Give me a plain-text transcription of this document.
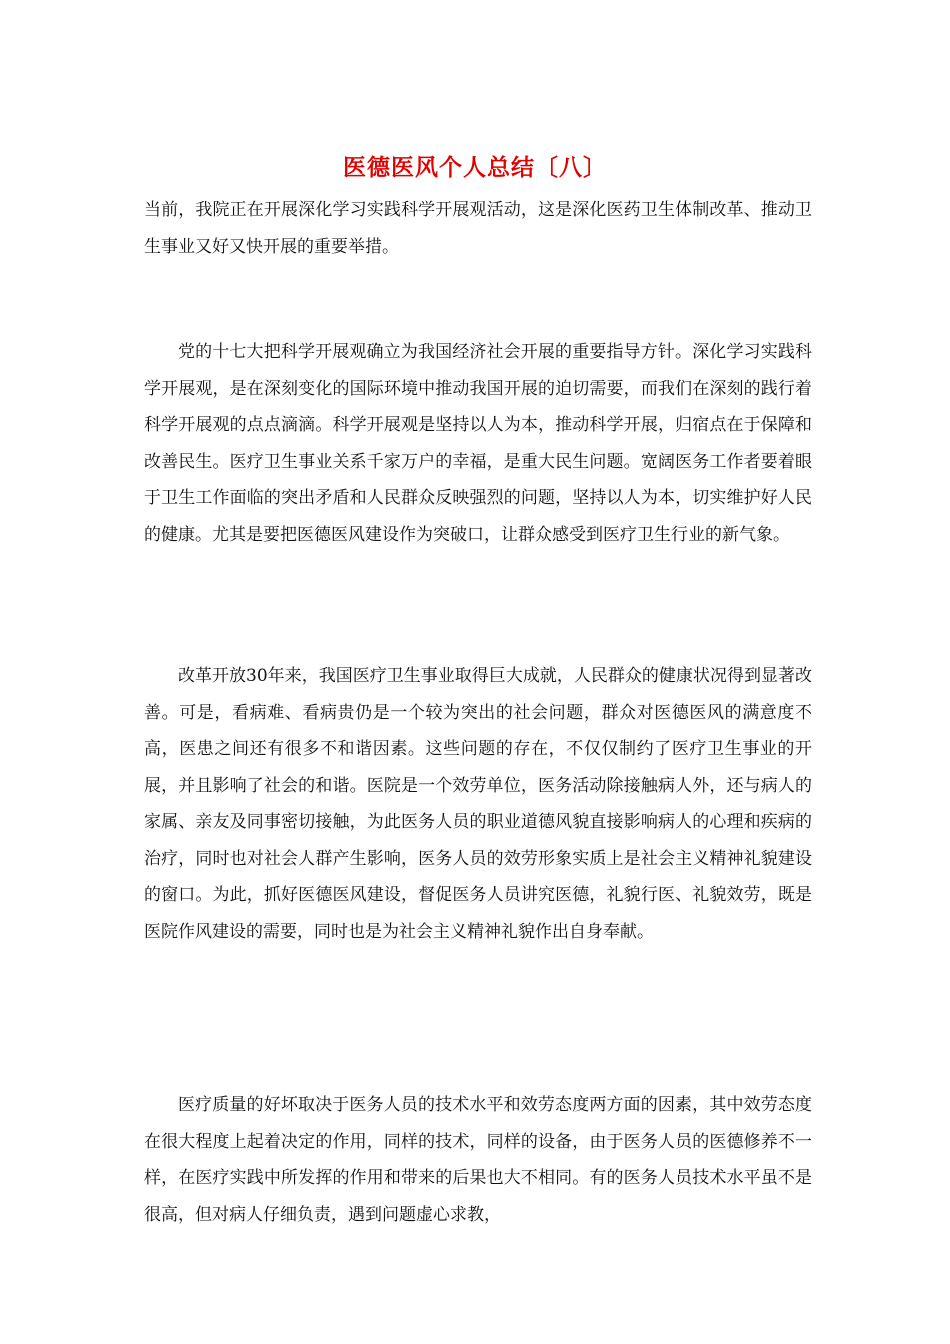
医德医风个人总结〔八〕

当前，我院正在开展深化学习实践科学开展观活动，这是深化医药卫生体制改革、推动卫生事业又好又快开展的重要举措。

党的十七大把科学开展观确立为我国经济社会开展的重要指导方针。深化学习实践科学开展观，是在深刻变化的国际环境中推动我国开展的迫切需要，而我们在深刻的践行着科学开展观的点点滴滴。科学开展观是坚持以人为本，推动科学开展，归宿点在于保障和改善民生。医疗卫生事业关系千家万户的幸福，是重大民生问题。宽阔医务工作者要着眼于卫生工作面临的突出矛盾和人民群众反映强烈的问题，坚持以人为本，切实维护好人民的健康。尤其是要把医德医风建设作为突破口，让群众感受到医疗卫生行业的新气象。

改革开放30年来，我国医疗卫生事业取得巨大成就，人民群众的健康状况得到显著改善。可是，看病难、看病贵仍是一个较为突出的社会问题，群众对医德医风的满意度不高，医患之间还有很多不和谐因素。这些问题的存在，不仅仅制约了医疗卫生事业的开展，并且影响了社会的和谐。医院是一个效劳单位，医务活动除接触病人外，还与病人的家属、亲友及同事密切接触，为此医务人员的职业道德风貌直接影响病人的心理和疾病的治疗，同时也对社会人群产生影响，医务人员的效劳形象实质上是社会主义精神礼貌建设的窗口。为此，抓好医德医风建设，督促医务人员讲究医德，礼貌行医、礼貌效劳，既是医院作风建设的需要，同时也是为社会主义精神礼貌作出自身奉献。

医疗质量的好坏取决于医务人员的技术水平和效劳态度两方面的因素，其中效劳态度在很大程度上起着决定的作用，同样的技术，同样的设备，由于医务人员的医德修养不一样，在医疗实践中所发挥的作用和带来的后果也大不相同。有的医务人员技术水平虽不是很高，但对病人仔细负责，遇到问题虚心求教，
